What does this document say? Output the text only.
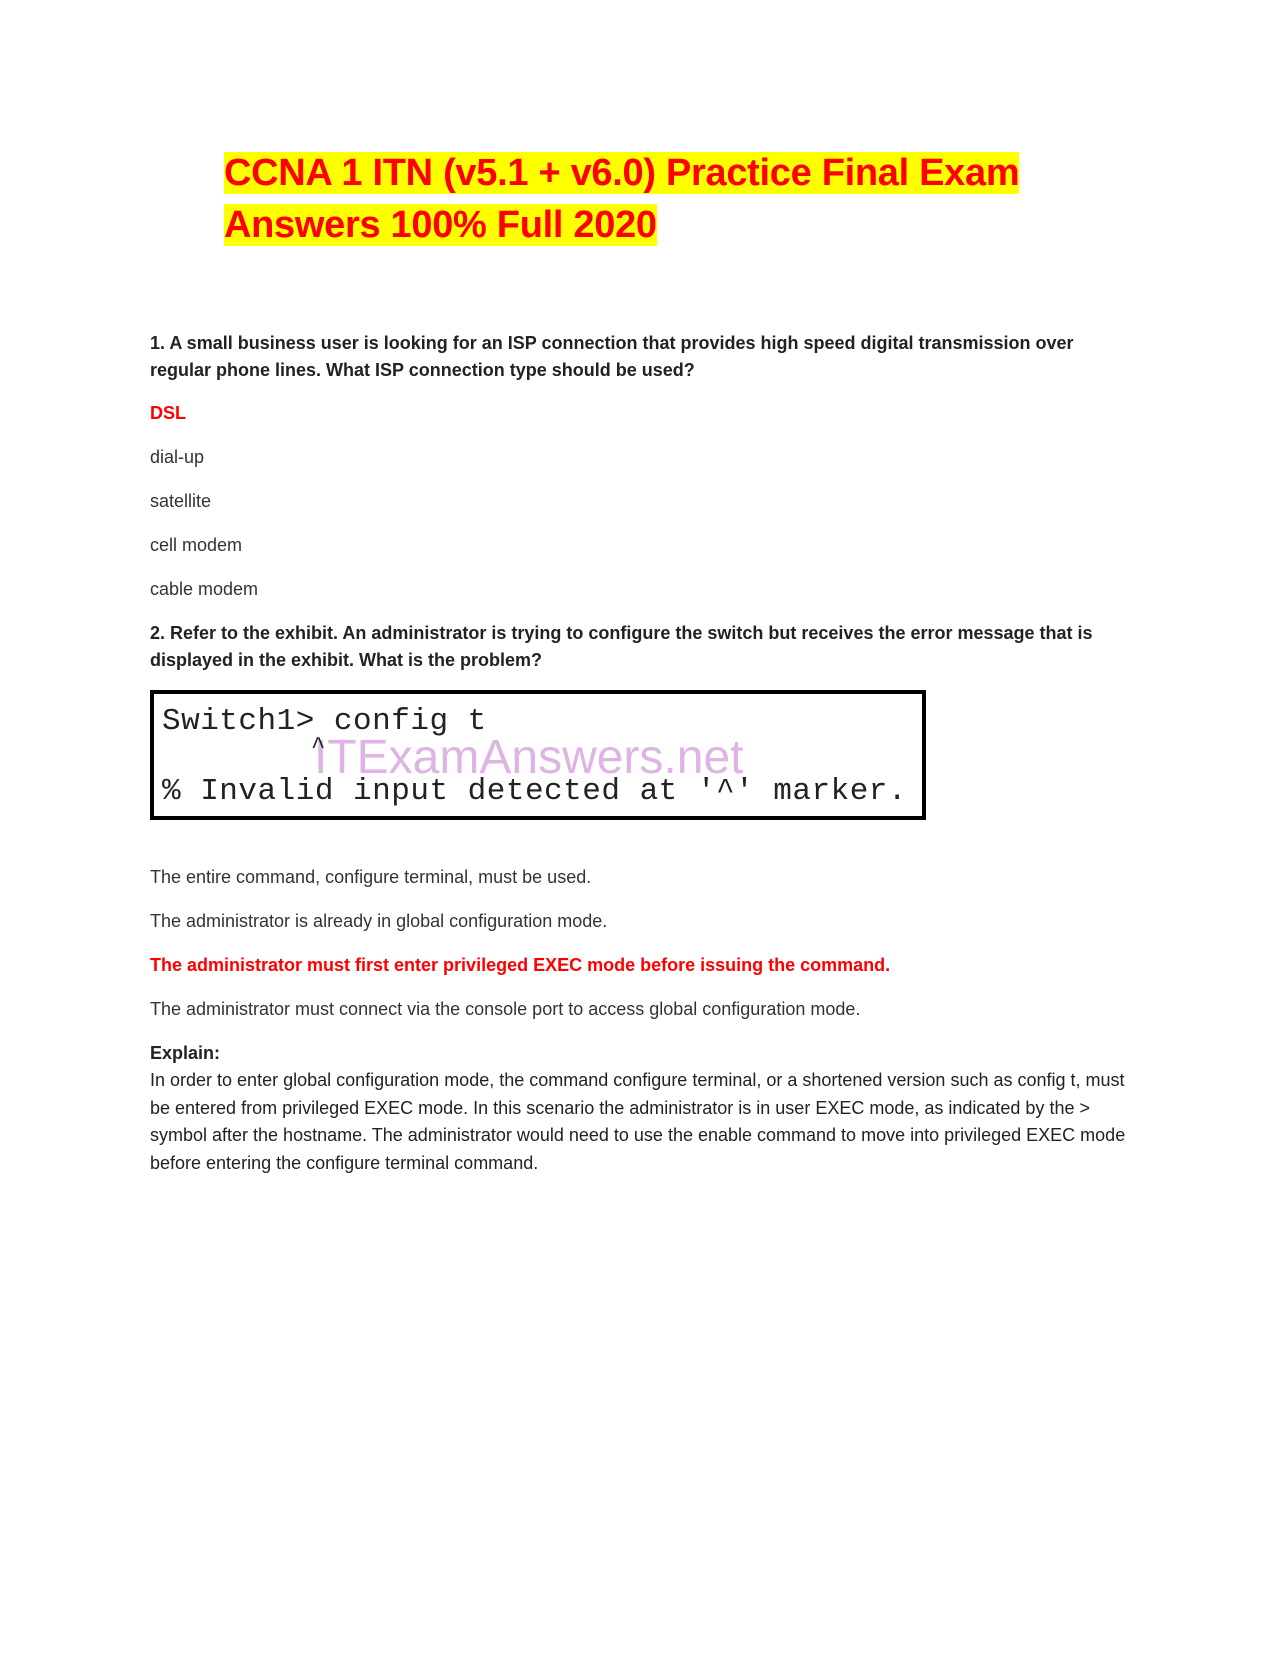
CCNA 1 ITN (v5.1 + v6.0) Practice Final Exam
Answers 100% Full 2020

1. A small business user is looking for an ISP connection that provides high speed digital transmission over regular phone lines. What ISP connection type should be used?

DSL

dial-up

satellite

cell modem

cable modem

2. Refer to the exhibit. An administrator is trying to configure the switch but receives the error message that is displayed in the exhibit. What is the problem?

ITExamAnswers.net
Switch1> config t
^
% Invalid input detected at '^' marker.

The entire command, configure terminal, must be used.

The administrator is already in global configuration mode.

The administrator must first enter privileged EXEC mode before issuing the command.

The administrator must connect via the console port to access global configuration mode.

Explain:

In order to enter global configuration mode, the command configure terminal, or a shortened version such as config t, must be entered from privileged EXEC mode. In this scenario the administrator is in user EXEC mode, as indicated by the > symbol after the hostname. The administrator would need to use the enable command to move into privileged EXEC mode before entering the configure terminal command.
